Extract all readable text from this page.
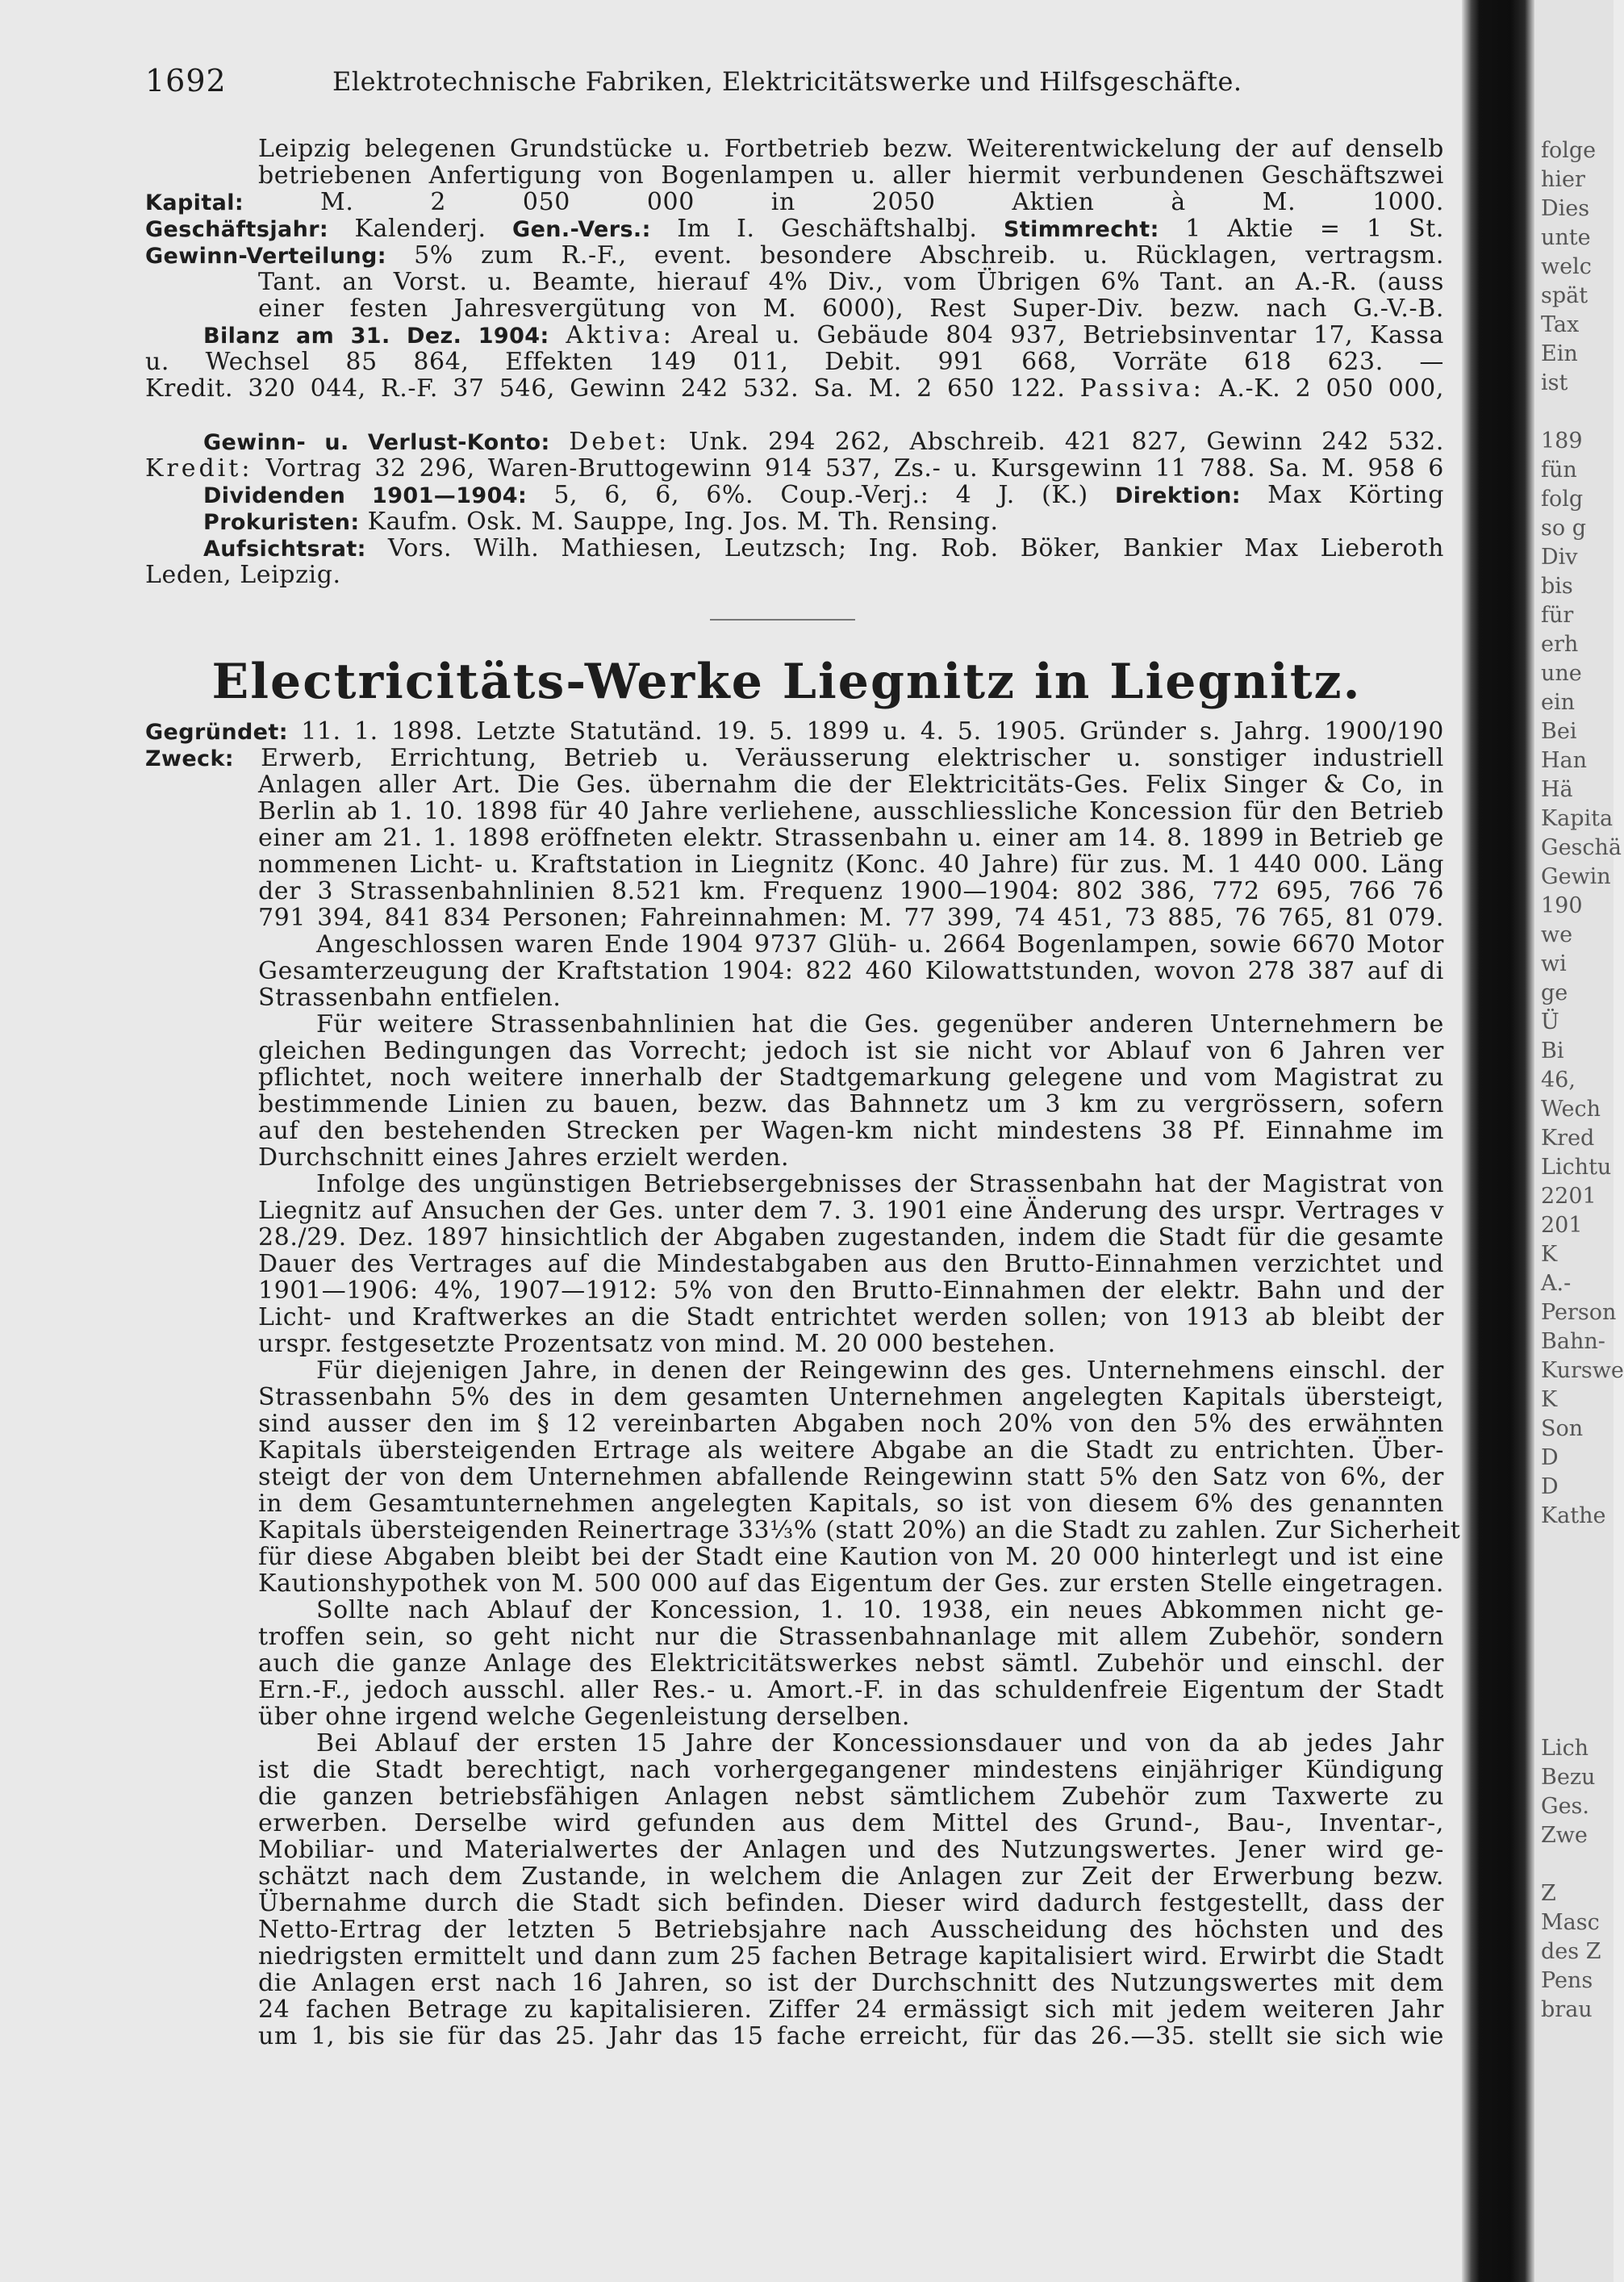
1692	Elektrotechnische Fabriken, Elektricitätswerke und Hilfsgeschäfte.
Leipzig belegenen Grundstücke u. Fortbetrieb bezw. Weiterentwickelung der auf denselb
betriebenen Anfertigung von Bogenlampen u. aller hiermit verbundenen Geschäftszwei
Kapital:	M. 2 050 000 in 2050 Aktien à M. 1000.
Geschäftsjahr: Kalenderj. Gen.-Vers.: Im I. Geschäftshalbj. Stimmrecht: 1 Aktie = 1 St.
Gewinn-Verteilung: 5% zum R.-F., event. besondere Abschreib. u. Rücklagen, vertragsm.
Tant. an Vorst. u. Beamte, hierauf 4% Div., vom Übrigen 6% Tant. an A.-R. (auss
einer festen Jahresvergütung von M. 6000), Rest Super-Div. bezw. nach G.-V.-B.
Bilanz am 31. Dez. 1904: Aktiva: Areal u. Gebäude 804 937, Betriebsinventar 17, Kassa
u. Wechsel 85 864, Effekten 149 011, Debit. 991 668, Vorräte 618 623. —
Kredit. 320 044, R.-F. 37 546, Gewinn 242 532. Sa. M. 2 650 122. Passiva: A.-K. 2 050 000,
Gewinn- u. Verlust-Konto: Debet: Unk. 294 262, Abschreib. 421 827, Gewinn 242 532.
Kredit: Vortrag 32 296, Waren-Bruttogewinn 914 537, Zs.- u. Kursgewinn 11 788. Sa. M. 958 6
Dividenden 1901—1904: 5, 6, 6, 6%. Coup.-Verj.: 4 J. (K.) Direktion: Max Körting
Prokuristen: Kaufm. Osk. M. Sauppe, Ing. Jos. M. Th. Rensing.
Aufsichtsrat: Vors. Wilh. Mathiesen, Leutzsch; Ing. Rob. Böker, Bankier Max Lieberoth
Leden, Leipzig.
Electricitäts-Werke Liegnitz in Liegnitz.
Gegründet: 11. 1. 1898. Letzte Statutänd. 19. 5. 1899 u. 4. 5. 1905. Gründer s. Jahrg. 1900/190
Zweck: Erwerb, Errichtung, Betrieb u. Veräusserung elektrischer u. sonstiger industriell
Anlagen aller Art. Die Ges. übernahm die der Elektricitäts-Ges. Felix Singer & Co, in
Berlin ab 1. 10. 1898 für 40 Jahre verliehene, ausschliessliche Koncession für den Betrieb
einer am 21. 1. 1898 eröffneten elektr. Strassenbahn u. einer am 14. 8. 1899 in Betrieb ge
nommenen Licht- u. Kraftstation in Liegnitz (Konc. 40 Jahre) für zus. M. 1 440 000. Läng
der 3 Strassenbahnlinien 8.521 km. Frequenz 1900—1904: 802 386, 772 695, 766 76
791 394, 841 834 Personen; Fahreinnahmen: M. 77 399, 74 451, 73 885, 76 765, 81 079.
Angeschlossen waren Ende 1904 9737 Glüh- u. 2664 Bogenlampen, sowie 6670 Motor
Gesamterzeugung der Kraftstation 1904: 822 460 Kilowattstunden, wovon 278 387 auf di
Strassenbahn entfielen.
Für weitere Strassenbahnlinien hat die Ges. gegenüber anderen Unternehmern be
gleichen Bedingungen das Vorrecht; jedoch ist sie nicht vor Ablauf von 6 Jahren ver
pflichtet, noch weitere innerhalb der Stadtgemarkung gelegene und vom Magistrat zu
bestimmende Linien zu bauen, bezw. das Bahnnetz um 3 km zu vergrössern, sofern
auf den bestehenden Strecken per Wagen-km nicht mindestens 38 Pf. Einnahme im
Durchschnitt eines Jahres erzielt werden.
Infolge des ungünstigen Betriebsergebnisses der Strassenbahn hat der Magistrat von
Liegnitz auf Ansuchen der Ges. unter dem 7. 3. 1901 eine Änderung des urspr. Vertrages v
28./29. Dez. 1897 hinsichtlich der Abgaben zugestanden, indem die Stadt für die gesamte
Dauer des Vertrages auf die Mindestabgaben aus den Brutto-Einnahmen verzichtet und
1901—1906: 4%, 1907—1912: 5% von den Brutto-Einnahmen der elektr. Bahn und der
Licht- und Kraftwerkes an die Stadt entrichtet werden sollen; von 1913 ab bleibt der
urspr. festgesetzte Prozentsatz von mind. M. 20 000 bestehen.
Für diejenigen Jahre, in denen der Reingewinn des ges. Unternehmens einschl. der
Strassenbahn 5% des in dem gesamten Unternehmen angelegten Kapitals übersteigt,
sind ausser den im § 12 vereinbarten Abgaben noch 20% von den 5% des erwähnten
Kapitals übersteigenden Ertrage als weitere Abgabe an die Stadt zu entrichten. Über-
steigt der von dem Unternehmen abfallende Reingewinn statt 5% den Satz von 6%, der
in dem Gesamtunternehmen angelegten Kapitals, so ist von diesem 6% des genannten
Kapitals übersteigenden Reinertrage 33⅓% (statt 20%) an die Stadt zu zahlen. Zur Sicherheit
für diese Abgaben bleibt bei der Stadt eine Kaution von M. 20 000 hinterlegt und ist eine
Kautionshypothek von M. 500 000 auf das Eigentum der Ges. zur ersten Stelle eingetragen.
Sollte nach Ablauf der Koncession, 1. 10. 1938, ein neues Abkommen nicht ge-
troffen sein, so geht nicht nur die Strassenbahnanlage mit allem Zubehör, sondern
auch die ganze Anlage des Elektricitätswerkes nebst sämtl. Zubehör und einschl. der
Ern.-F., jedoch ausschl. aller Res.- u. Amort.-F. in das schuldenfreie Eigentum der Stadt
über ohne irgend welche Gegenleistung derselben.
Bei Ablauf der ersten 15 Jahre der Koncessionsdauer und von da ab jedes Jahr
ist die Stadt berechtigt, nach vorhergegangener mindestens einjähriger Kündigung
die ganzen betriebsfähigen Anlagen nebst sämtlichem Zubehör zum Taxwerte zu
erwerben. Derselbe wird gefunden aus dem Mittel des Grund-, Bau-, Inventar-,
Mobiliar- und Materialwertes der Anlagen und des Nutzungswertes. Jener wird ge-
schätzt nach dem Zustande, in welchem die Anlagen zur Zeit der Erwerbung bezw.
Übernahme durch die Stadt sich befinden. Dieser wird dadurch festgestellt, dass der
Netto-Ertrag der letzten 5 Betriebsjahre nach Ausscheidung des höchsten und des
niedrigsten ermittelt und dann zum 25 fachen Betrage kapitalisiert wird. Erwirbt die Stadt
die Anlagen erst nach 16 Jahren, so ist der Durchschnitt des Nutzungswertes mit dem
24 fachen Betrage zu kapitalisieren. Ziffer 24 ermässigt sich mit jedem weiteren Jahr
um 1, bis sie für das 25. Jahr das 15 fache erreicht, für das 26.—35. stellt sie sich wie
folge
hier
Dies
unte
welc
spät
Tax
Ein
ist
189
fün
folg
so g
Div
bis
für
erh
une
ein
Bei
Han
Hä
Kapita
Geschä
Gewin
190
we
wi
ge
Ü
Bi
46,
Wech
Kred
Lichtu
2201
201
K
A.-
Person
Bahn-
Kurswe
K
Son
D
D
Kathe
Lich
Bezu
Ges.
Zwe
Z
Masc
des Z
Pens
brau
